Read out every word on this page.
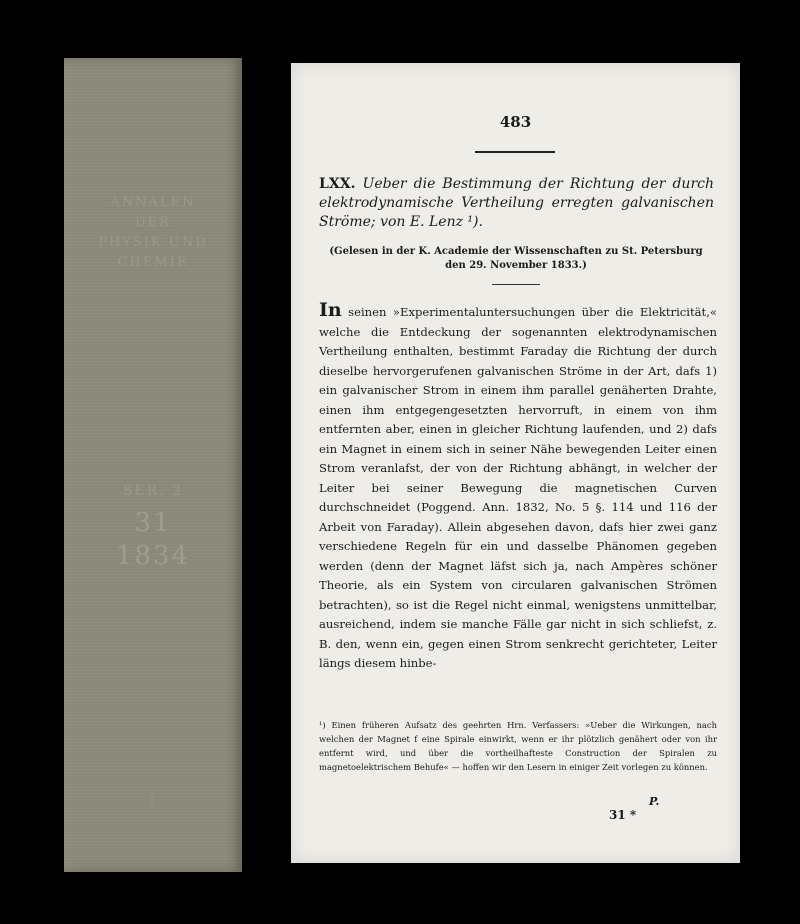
ANNALEN
DER
PHYSIK UND
CHEMIE
SER. 2
31
1834
1
483
LXX. Ueber die Bestimmung der Richtung der durch elektrodynamische Vertheilung erregten galvanischen Ströme; von E. Lenz ¹).
(Gelesen in der K. Academie der Wissenschaften zu St. Petersburg den 29. November 1833.)
In seinen »Experimentaluntersuchungen über die Elektricität,« welche die Entdeckung der sogenannten elektrodynamischen Vertheilung enthalten, bestimmt Faraday die Richtung der durch dieselbe hervorgerufenen galvanischen Ströme in der Art, dafs 1) ein galvanischer Strom in einem ihm parallel genäherten Drahte, einen ihm entgegengesetzten hervorruft, in einem von ihm entfernten aber, einen in gleicher Richtung laufenden, und 2) dafs ein Magnet in einem sich in seiner Nähe bewegenden Leiter einen Strom veranlafst, der von der Richtung abhängt, in welcher der Leiter bei seiner Bewegung die magnetischen Curven durchschneidet (Poggend. Ann. 1832, No. 5 §. 114 und 116 der Arbeit von Faraday). Allein abgesehen davon, dafs hier zwei ganz verschiedene Regeln für ein und dasselbe Phänomen gegeben werden (denn der Magnet läfst sich ja, nach Ampères schöner Theorie, als ein System von circularen galvanischen Strömen betrachten), so ist die Regel nicht einmal, wenigstens unmittelbar, ausreichend, indem sie manche Fälle gar nicht in sich schliefst, z. B. den, wenn ein, gegen einen Strom senkrecht gerichteter, Leiter längs diesem hinbe-
¹) Einen früheren Aufsatz des geehrten Hrn. Verfassers: »Ueber die Wirkungen, nach welchen der Magnet f eine Spirale einwirkt, wenn er ihr plötzlich genähert oder von ihr entfernt wird, und über die vortheilhafteste Construction der Spiralen zu magnetoelektrischem Behufe« — hoffen wir den Lesern in einiger Zeit vorlegen zu können.
31 *
P.
